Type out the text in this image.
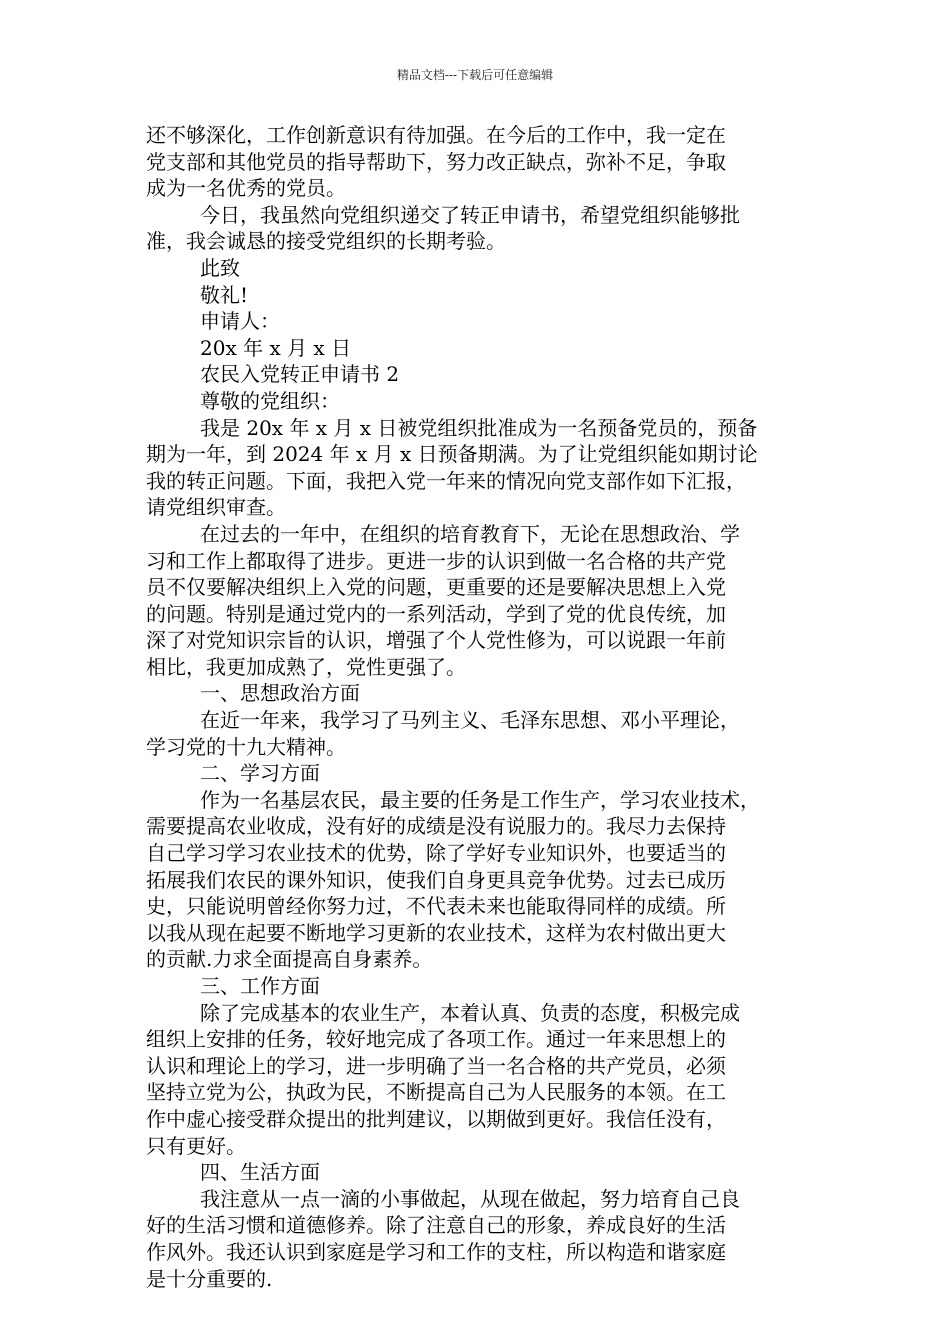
精品文档---下载后可任意编辑
还不够深化，工作创新意识有待加强。在今后的工作中，我一定在
党支部和其他党员的指导帮助下，努力改正缺点，弥补不足，争取
成为一名优秀的党员。
今日，我虽然向党组织递交了转正申请书，希望党组织能够批
准，我会诚恳的接受党组织的长期考验。
此致
敬礼!
申请人：
20x 年 x 月 x 日
农民入党转正申请书 2
尊敬的党组织：
我是 20x 年 x 月 x 日被党组织批准成为一名预备党员的，预备
期为一年，到 2024 年 x 月 x 日预备期满。为了让党组织能如期讨论
我的转正问题。下面，我把入党一年来的情况向党支部作如下汇报，
请党组织审查。
在过去的一年中，在组织的培育教育下，无论在思想政治、学
习和工作上都取得了进步。更进一步的认识到做一名合格的共产党
员不仅要解决组织上入党的问题，更重要的还是要解决思想上入党
的问题。特别是通过党内的一系列活动，学到了党的优良传统，加
深了对党知识宗旨的认识，增强了个人党性修为，可以说跟一年前
相比，我更加成熟了，党性更强了。
一、思想政治方面
在近一年来，我学习了马列主义、毛泽东思想、邓小平理论，
学习党的十九大精神。
二、学习方面
作为一名基层农民，最主要的任务是工作生产，学习农业技术，
需要提高农业收成，没有好的成绩是没有说服力的。我尽力去保持
自己学习学习农业技术的优势，除了学好专业知识外，也要适当的
拓展我们农民的课外知识，使我们自身更具竞争优势。过去已成历
史，只能说明曾经你努力过，不代表未来也能取得同样的成绩。所
以我从现在起要不断地学习更新的农业技术，这样为农村做出更大
的贡献.力求全面提高自身素养。
三、工作方面
除了完成基本的农业生产，本着认真、负责的态度，积极完成
组织上安排的任务，较好地完成了各项工作。通过一年来思想上的
认识和理论上的学习，进一步明确了当一名合格的共产党员，必须
坚持立党为公，执政为民，不断提高自己为人民服务的本领。在工
作中虚心接受群众提出的批判建议，以期做到更好。我信任没有，
只有更好。
四、生活方面
我注意从一点一滴的小事做起，从现在做起，努力培育自己良
好的生活习惯和道德修养。除了注意自己的形象，养成良好的生活
作风外。我还认识到家庭是学习和工作的支柱，所以构造和谐家庭
是十分重要的.
